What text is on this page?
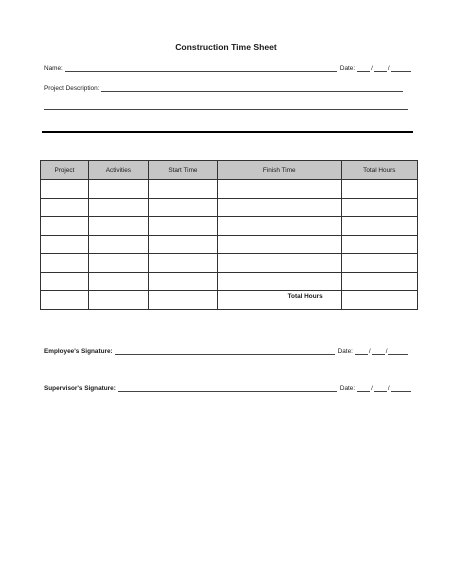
Construction Time Sheet
Name:	Date:	/ /
Project Description:
Project	Activities	Start Time	Finish Time	Total Hours

			Total Hours	
Employee's Signature:	Date:	/ /
Supervisor's Signature:	Date:	/ /
